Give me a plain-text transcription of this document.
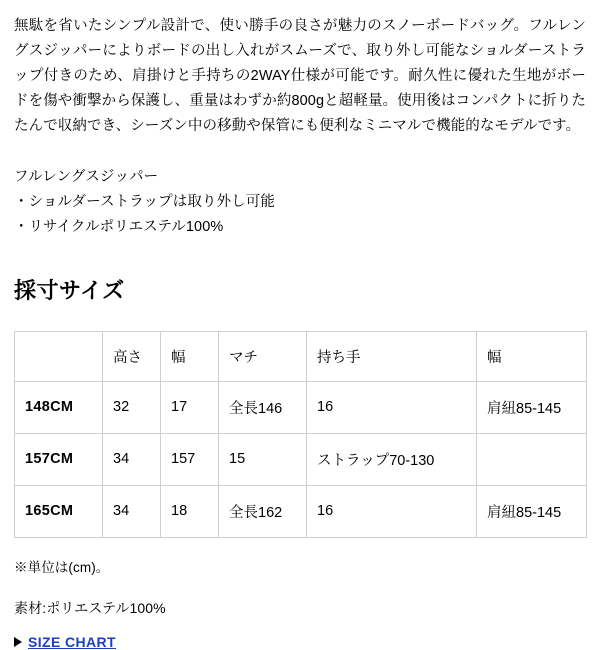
無駄を省いたシンプル設計で、使い勝手の良さが魅力のスノーボードバッグ。フルレングスジッパーによりボードの出し入れがスムーズで、取り外し可能なショルダーストラップ付きのため、肩掛けと手持ちの2WAY仕様が可能です。耐久性に優れた生地がボードを傷や衝撃から保護し、重量はわずか約800gと超軽量。使用後はコンパクトに折りたたんで収納でき、シーズン中の移動や保管にも便利なミニマルで機能的なモデルです。

フルレングスジッパー
・ショルダーストラップは取り外し可能
・リサイクルポリエステル100%
採寸サイズ
	高さ	幅	マチ	持ち手	幅
148CM	32	17	全長146	16	肩紐85-145
157CM	34	157	15	ストラップ70-130	
165CM	34	18	全長162	16	肩紐85-145

※単位は(cm)。

素材:ポリエステル100%

SIZE CHART
